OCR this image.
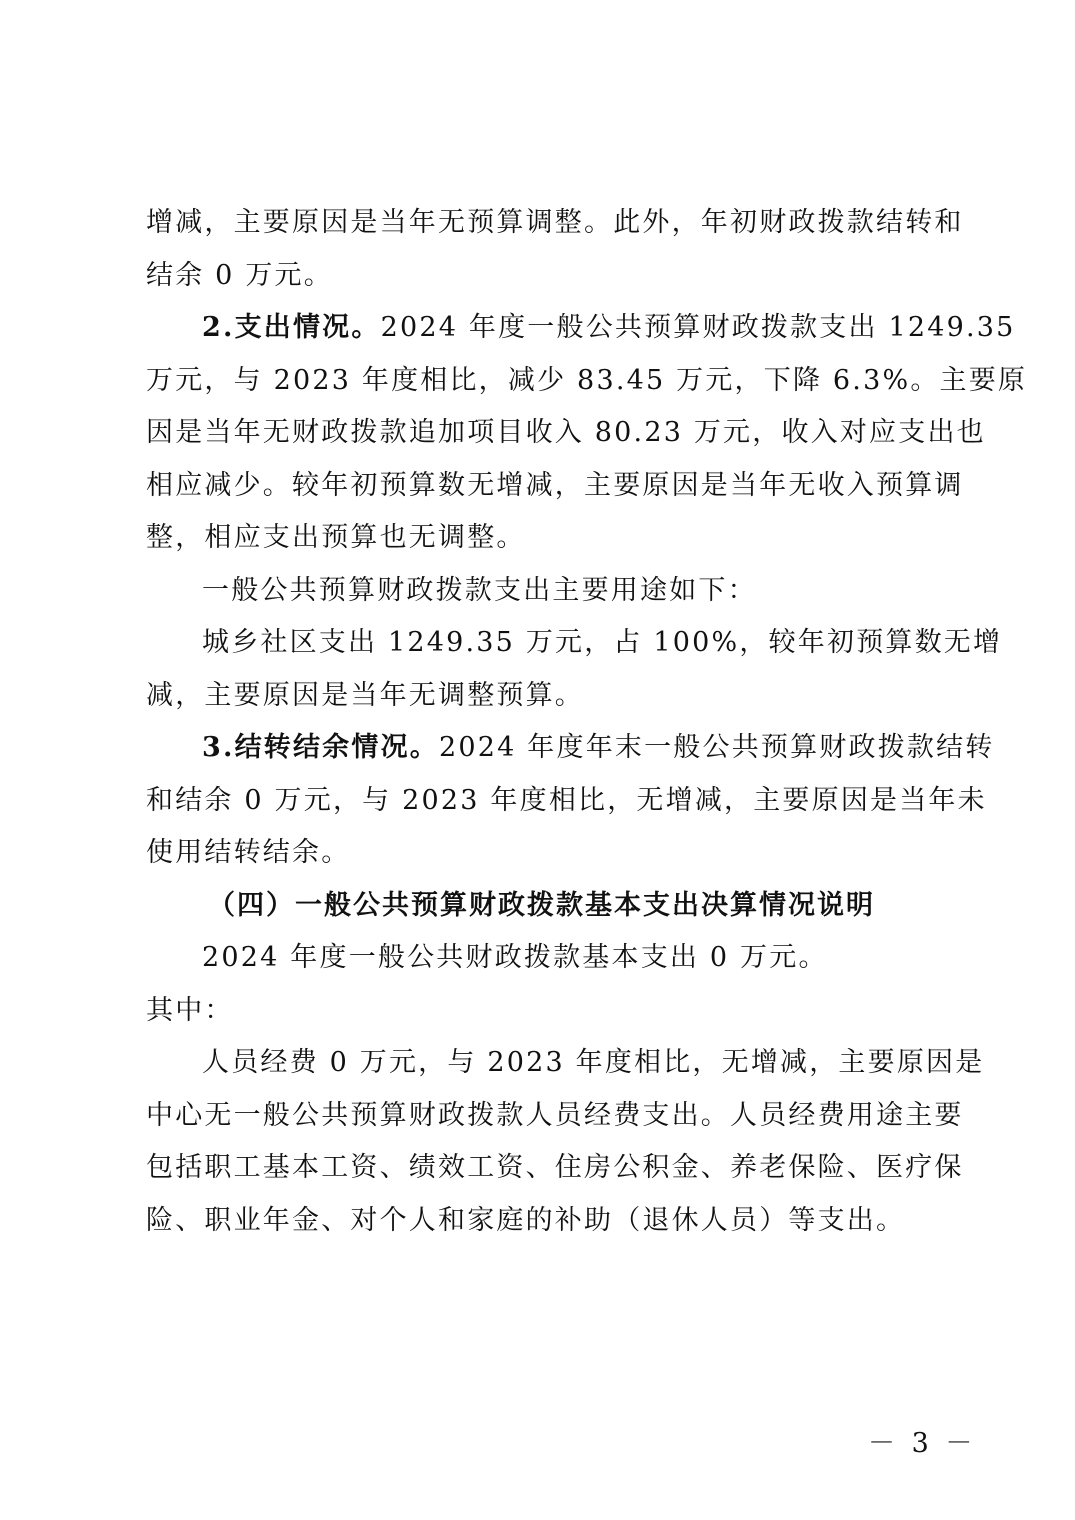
增减，主要原因是当年无预算调整。此外，年初财政拨款结转和
结余 0 万元。
2.支出情况。2024 年度一般公共预算财政拨款支出 1249.35
万元，与 2023 年度相比，减少 83.45 万元，下降 6.3%。主要原
因是当年无财政拨款追加项目收入 80.23 万元，收入对应支出也
相应减少。较年初预算数无增减，主要原因是当年无收入预算调
整，相应支出预算也无调整。
一般公共预算财政拨款支出主要用途如下：
城乡社区支出 1249.35 万元，占 100%，较年初预算数无增
减，主要原因是当年无调整预算。
3.结转结余情况。2024 年度年末一般公共预算财政拨款结转
和结余 0 万元，与 2023 年度相比，无增减，主要原因是当年未
使用结转结余。
（四）一般公共预算财政拨款基本支出决算情况说明
2024 年度一般公共财政拨款基本支出 0 万元。
其中：
人员经费 0 万元，与 2023 年度相比，无增减，主要原因是
中心无一般公共预算财政拨款人员经费支出。人员经费用途主要
包括职工基本工资、绩效工资、住房公积金、养老保险、医疗保
险、职业年金、对个人和家庭的补助（退休人员）等支出。
－ 3 －
